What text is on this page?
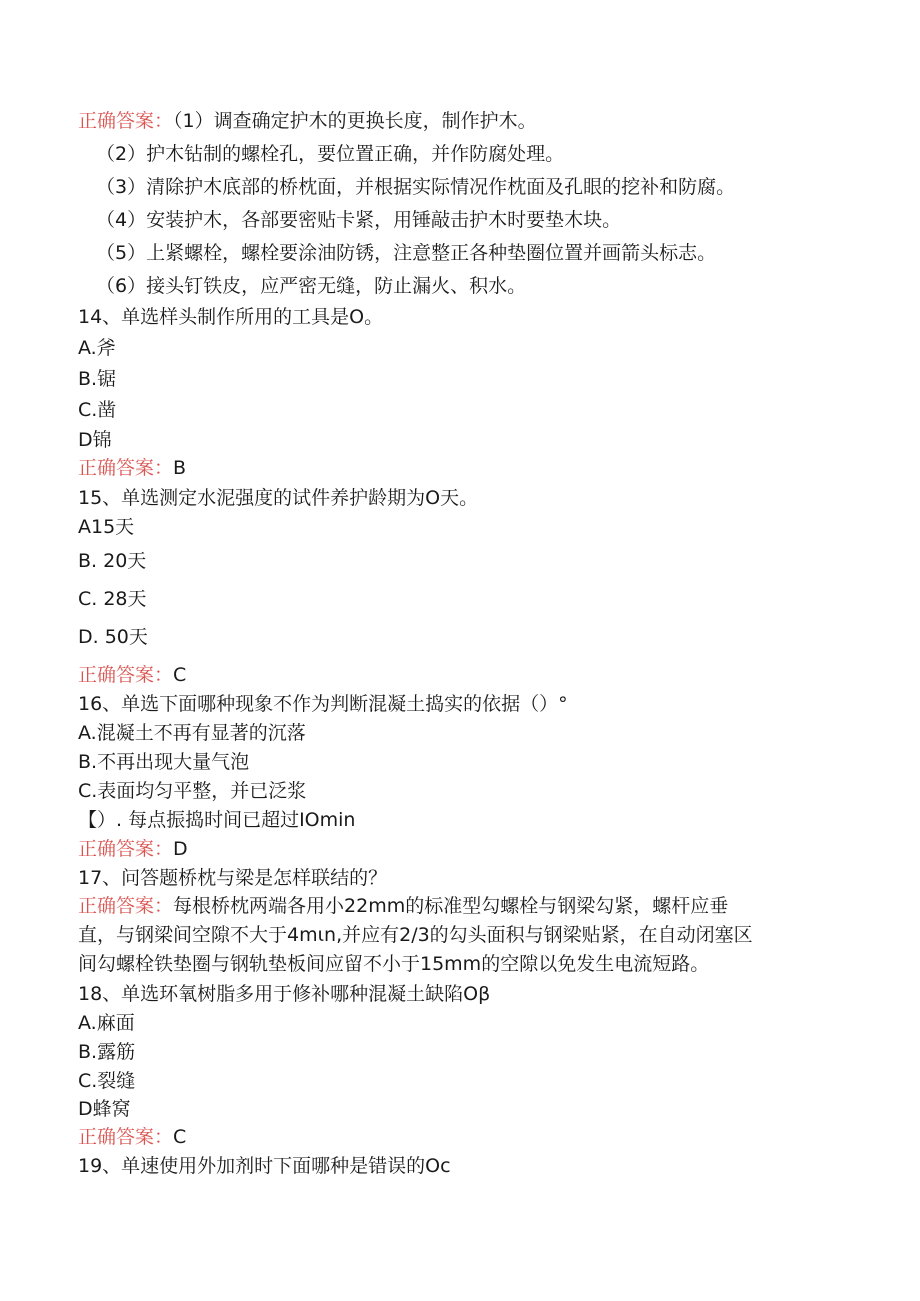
正确答案：（1）调查确定护木的更换长度，制作护木。
（2）护木钻制的螺栓孔，要位置正确，并作防腐处理。
（3）清除护木底部的桥枕面，并根据实际情况作枕面及孔眼的挖补和防腐。
（4）安装护木，各部要密贴卡紧，用锤敲击护木时要垫木块。
（5）上紧螺栓，螺栓要涂油防锈，注意整正各种垫圈位置并画箭头标志。
（6）接头钉铁皮，应严密无缝，防止漏火、积水。
14、单选样头制作所用的工具是O。
A.斧
B.锯
C.凿
D锦
正确答案：B
15、单选测定水泥强度的试件养护龄期为O天。
A15天
B. 20天
C. 28天
D. 50天
正确答案：C
16、单选下面哪种现象不作为判断混凝土捣实的依据（）°
A.混凝土不再有显著的沉落
B.不再出现大量气泡
C.表面均匀平整，并已泛浆
【）. 每点振捣时间已超过IOmin
正确答案：D
17、问答题桥枕与梁是怎样联结的？
正确答案：每根桥枕两端各用小22mm的标准型勾螺栓与钢梁勾紧，螺杆应垂
直，与钢梁间空隙不大于4mιn,并应有2/3的勾头面积与钢梁贴紧，在自动闭塞区
间勾螺栓铁垫圈与钢轨垫板间应留不小于15mm的空隙以免发生电流短路。
18、单选环氧树脂多用于修补哪种混凝土缺陷Oβ
A.麻面
B.露筋
C.裂缝
D蜂窝
正确答案：C
19、单速使用外加剂时下面哪种是错误的Oc
